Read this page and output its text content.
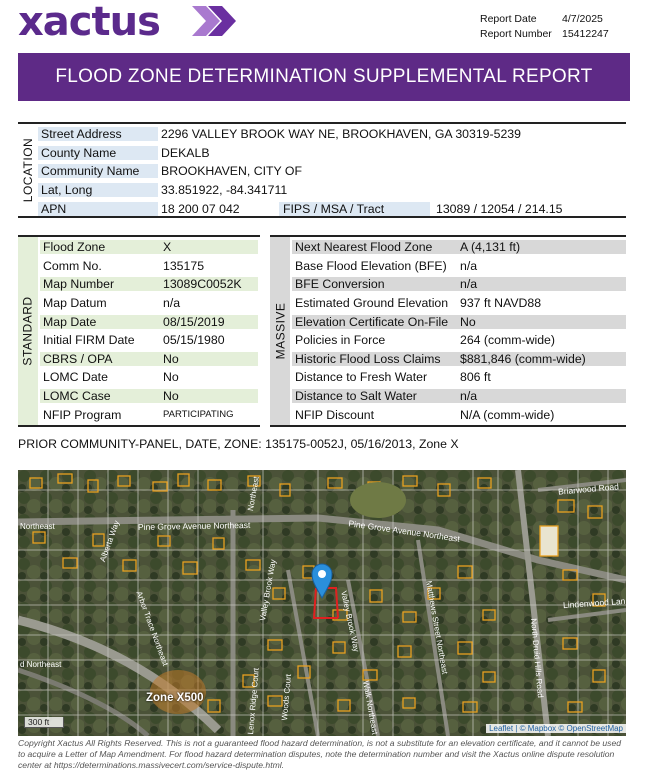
xactus	Report Date	4/7/2025
Report Number 15412247
FLOOD ZONE DETERMINATION SUPPLEMENTAL REPORT
LOCATION
Street Address	2296 VALLEY BROOK WAY NE, BROOKHAVEN, GA 30319-5239
County Name	DEKALB
Community Name	BROOKHAVEN, CITY OF
Lat, Long	33.851922, -84.341711
APN	18 200 07 042	FIPS / MSA / Tract	13089 / 12054 / 214.15
STANDARD
Flood Zone	X
Comm No.	135175
Map Number	13089C0052K
Map Datum	n/a
Map Date	08/15/2019
Initial FIRM Date	05/15/1980
CBRS / OPA	No
LOMC Date	No
LOMC Case	No
NFIP Program	PARTICIPATING
MASSIVE
Next Nearest Flood Zone	A (4,131 ft)
Base Flood Elevation (BFE)	n/a
BFE Conversion	n/a
Estimated Ground Elevation 937 ft NAVD88
Elevation Certificate On-File No
Policies in Force	264 (comm-wide)
Historic Flood Loss Claims	$881,846 (comm-wide)
Distance to Fresh Water	806 ft
Distance to Salt Water	n/a
NFIP Discount	N/A (comm-wide)
PRIOR COMMUNITY-PANEL, DATE, ZONE: 135175-0052J, 05/16/2013, Zone X
Pine Grove Avenue Northeast	Pine Grove Avenue Northeast
Briarwood Road
Lindenwood Lan
Valley Brook Way	Valley Brook Way	Matthews Street Northeast	North Druid Hills Road
Arbor Trace Northeast
Woods Court
Lenox Ridge Court	Walk Northeast
Alberta Way
Northeast
Northeast
d Northeast
Zone X500
300 ft
Leaflet | © Mapbox © OpenStreetMap
Copyright Xactus All Rights Reserved. This is not a guaranteed flood hazard determination, is not a substitute for an elevation certificate, and it cannot be used to acquire a Letter of Map Amendment. For flood hazard determination disputes, note the determination number and visit the Xactus online dispute resolution center at https://determinations.massivecert.com/service-dispute.html.
